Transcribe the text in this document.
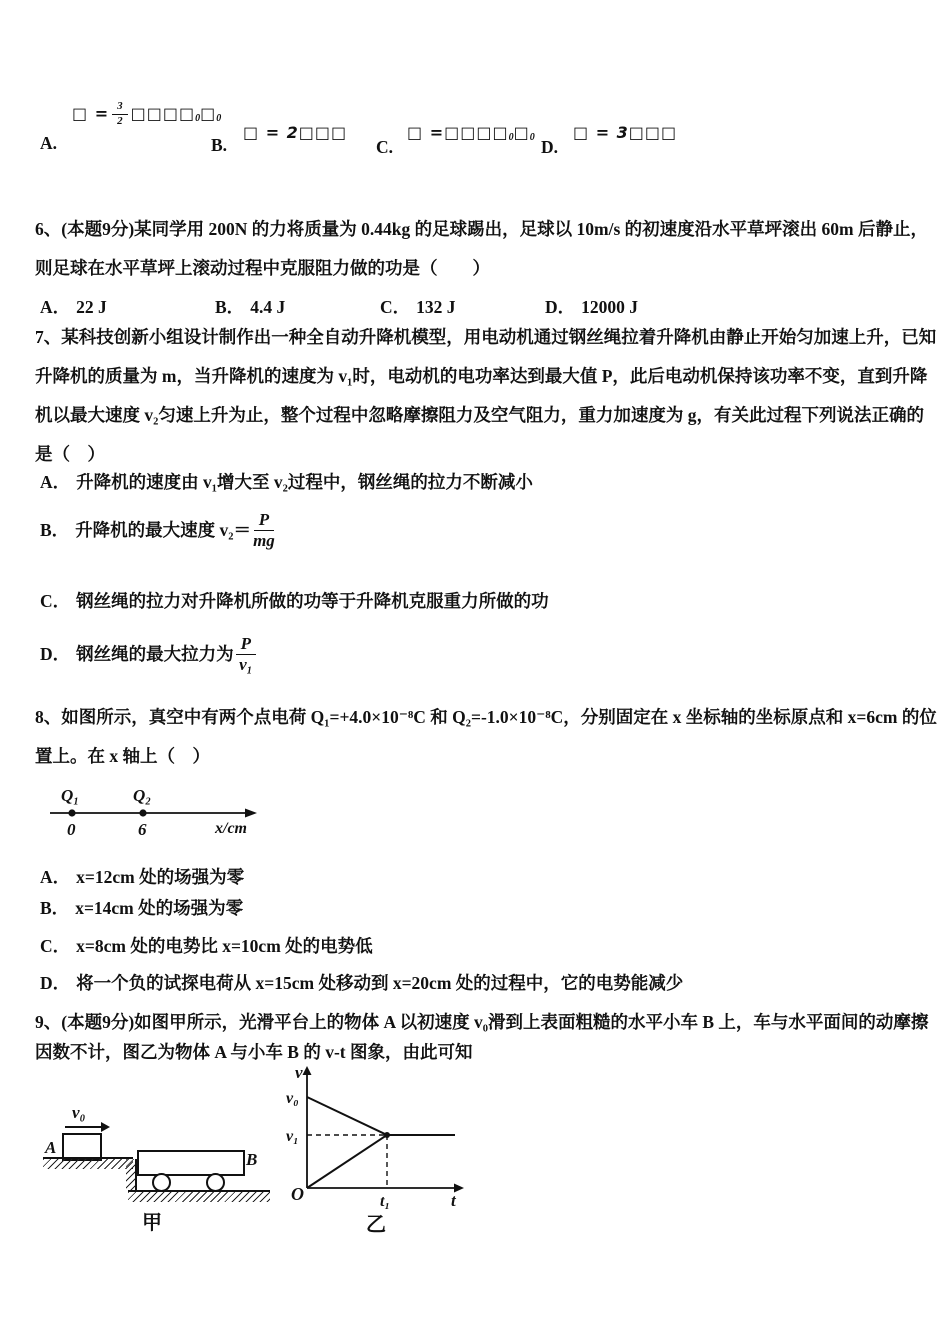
A.
□ = $\frac{3}{2}$ □□□□ 0 □ 0
B.
□ = 2□□□
C.
□ = □□□□ 0 □ 0 D.
□ = 3□□□
6、(本题9分)某同学用 200N 的力将质量为 0.44kg 的足球踢出，足球以 10m/s 的初速度沿水平草坪滚出 60m 后静止，
则足球在水平草坪上滚动过程中克服阻力做的功是（　　）
A． 22 J	B． 4.4 J	C． 132 J	D． 12000 J
7、某科技创新小组设计制作出一种全自动升降机模型，用电动机通过钢丝绳拉着升降机由静止开始匀加速上升，已知
升降机的质量为 m，当升降机的速度为 v₁时，电动机的电功率达到最大值 P，此后电动机保持该功率不变，直到升降
机以最大速度 v₂匀速上升为止，整个过程中忽略摩擦阻力及空气阻力，重力加速度为 g，有关此过程下列说法正确的
是（　）
A． 升降机的速度由 v₁增大至 v₂过程中，钢丝绳的拉力不断减小
B． 升降机的最大速度 $v_2= \frac{P}{mg}$
C． 钢丝绳的拉力对升降机所做的功等于升降机克服重力所做的功
D． 钢丝绳的最大拉力为 $\frac{P}{\text{v₁}}$
8、如图所示，真空中有两个点电荷 Q₁=+4.0×10⁻⁸C 和 Q₂=-1.0×10⁻⁸C，分别固定在 x 坐标轴的坐标原点和 x=6cm 的位
置上。在 x 轴上（　）
Q₁	Q₂
0	6	x/cm
A． x=12cm 处的场强为零
B． x=14cm 处的场强为零
C． x=8cm 处的电势比 x=10cm 处的电势低
D． 将一个负的试探电荷从 x=15cm 处移动到 x=20cm 处的过程中，它的电势能减少
9、(本题9分)如图甲所示，光滑平台上的物体 A 以初速度 v₀滑到上表面粗糙的水平小车 B 上，车与水平面间的动摩擦
因数不计，图乙为物体 A 与小车 B 的 v-t 图象，由此可知
v₀
A
B
甲
v
v₀
v₁
O	t₁	t
乙
